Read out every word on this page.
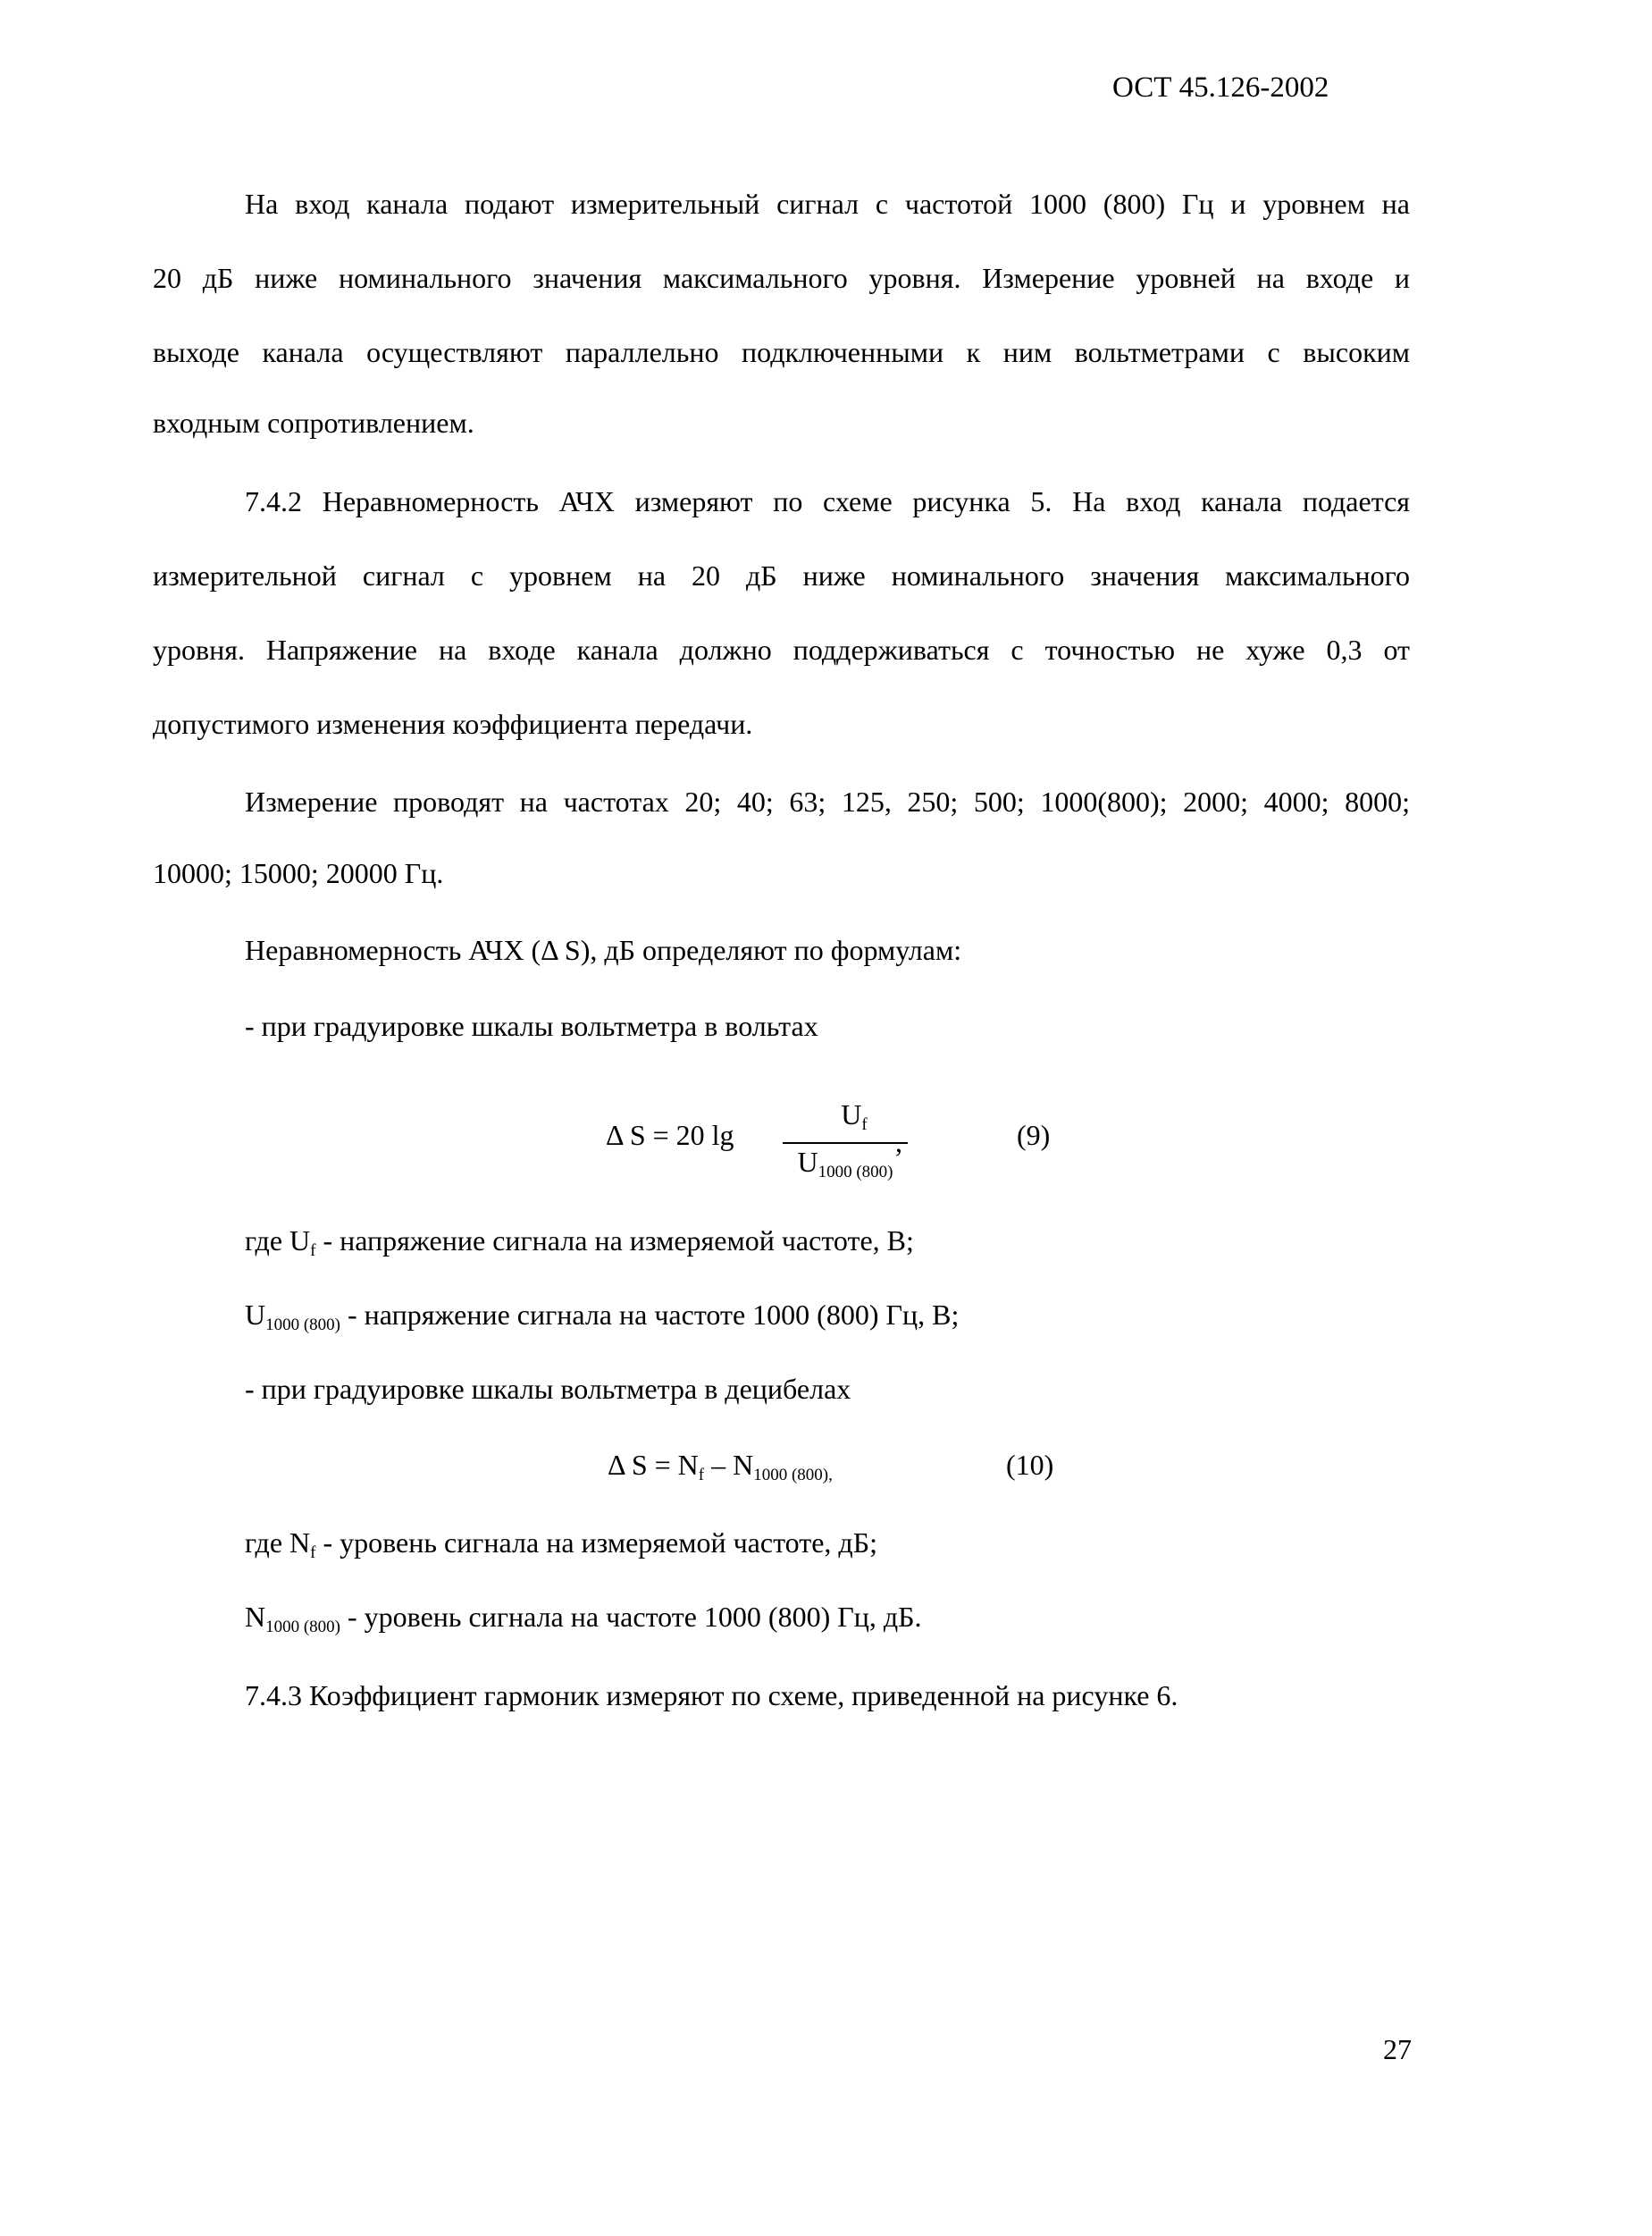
ОСТ 45.126-2002
На вход канала подают измерительный сигнал с частотой 1000 (800) Гц и уровнем на
20 дБ ниже номинального значения максимального уровня. Измерение уровней на входе и
выходе канала осуществляют параллельно подключенными к ним вольтметрами с высоким
входным сопротивлением.
7.4.2 Неравномерность АЧХ измеряют по схеме рисунка 5. На вход канала подается
измерительной сигнал с уровнем на 20 дБ ниже номинального значения максимального
уровня. Напряжение на входе канала должно поддерживаться с точностью не хуже 0,3 от
допустимого изменения коэффициента передачи.
Измерение проводят на частотах 20; 40; 63; 125, 250; 500; 1000(800); 2000; 4000; 8000;
10000; 15000; 20000 Гц.
Неравномерность АЧХ (Δ S), дБ определяют по формулам:
- при градуировке шкалы вольтметра в вольтах
Δ S = 20 $\lg \frac{U_f}{U_{1000 (800)}}$
,	(9)
где $U_f$ - напряжение сигнала на измеряемой частоте, В;
$U_{1000 (800)}$ - напряжение сигнала на частоте 1000 (800) Гц, В;
- при градуировке шкалы вольтметра в децибелах
Δ $S = N_f - N_{1000 (800),}$	(10)
где $N_f$ - уровень сигнала на измеряемой частоте, дБ;
$N_{1000 (800)}$ - уровень сигнала на частоте 1000 (800) Гц, дБ.
7.4.3 Коэффициент гармоник измеряют по схеме, приведенной на рисунке 6.
27
